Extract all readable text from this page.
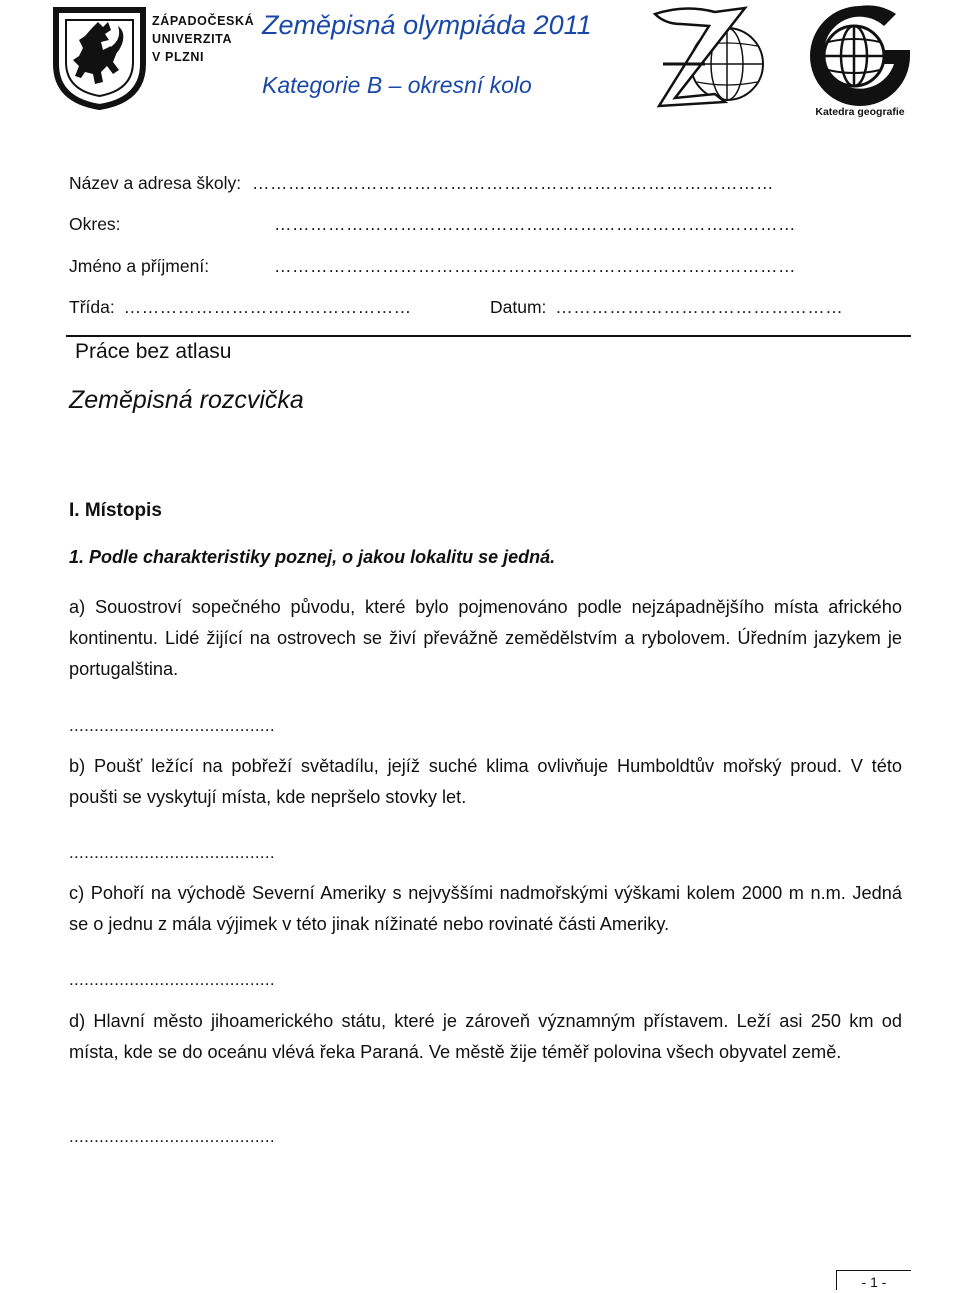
ZÁPADOČESKÁ
UNIVERZITA
V PLZNI
Zeměpisná olympiáda 2011
Kategorie B – okresní kolo
Katedra geografie
Název a adresa školy: ……………………………………………………………………………
Okres:	……………………………………………………………………………
Jméno a příjmení:	……………………………………………………………………………
Třída: …………………………………………	Datum: …………………………………………
Práce bez atlasu
Zeměpisná rozcvička
I. Místopis
1. Podle charakteristiky poznej, o jakou lokalitu se jedná.
a) Souostroví sopečného původu, které bylo pojmenováno podle nejzápadnějšího místa afrického kontinentu. Lidé žijící na ostrovech se živí převážně zemědělstvím a rybolovem. Úředním jazykem je portugalština.
.........................................
b) Poušť ležící na pobřeží světadílu, jejíž suché klima ovlivňuje Humboldtův mořský proud. V této poušti se vyskytují místa, kde nepršelo stovky let.
.........................................
c) Pohoří na východě Severní Ameriky s nejvyššími nadmořskými výškami kolem 2000 m n.m. Jedná se o jednu z mála výjimek v této jinak nížinaté nebo rovinaté části Ameriky.
.........................................
d) Hlavní město jihoamerického státu, které je zároveň významným přístavem. Leží asi 250 km od místa, kde se do oceánu vlévá řeka Paraná. Ve městě žije téměř polovina všech obyvatel země.
.........................................
- 1 -
